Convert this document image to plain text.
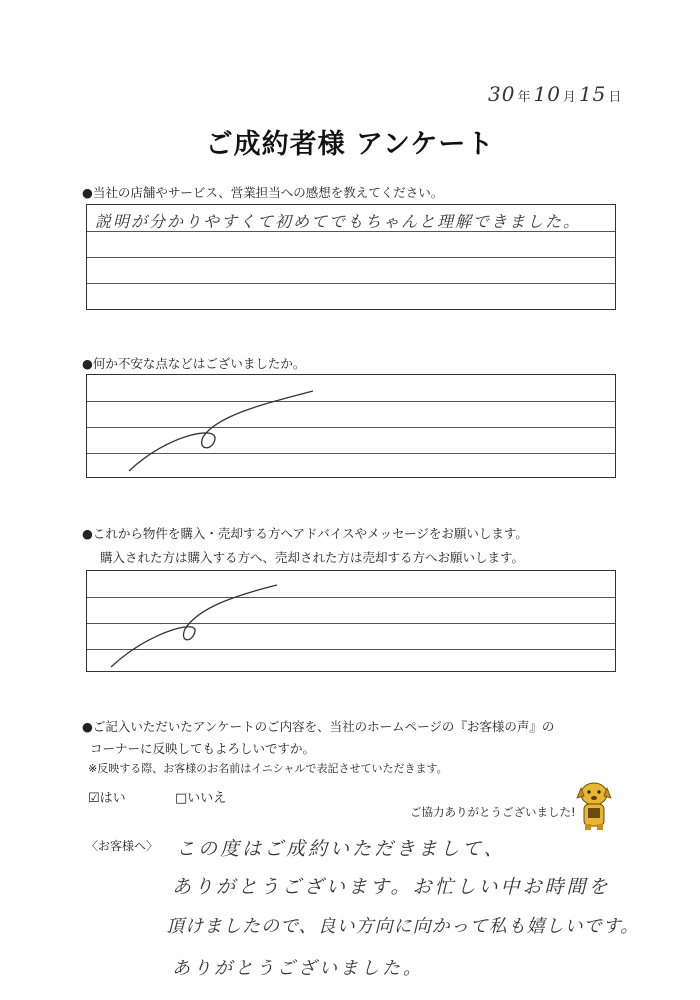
30 年 10 月 15 日
ご成約者様 アンケート
●当社の店舗やサービス、営業担当への感想を教えてください。
説明が分かりやすくて初めてでもちゃんと理解できました。
●何か不安な点などはございましたか。
●これから物件を購入・売却する方へアドバイスやメッセージをお願いします。
購入された方は購入する方へ、売却された方は売却する方へお願いします。
●ご記入いただいたアンケートのご内容を、当社のホームページの『お客様の声』の
コーナーに反映してもよろしいですか。
※反映する際、お客様のお名前はイニシャルで表記させていただきます。
☑はい	□いいえ
ご協力ありがとうございました!
〈お客様へ〉 この度はご成約いただきまして、
ありがとうございます。お忙しい中お時間を
頂けましたので、良い方向に向かって私も嬉しいです。
ありがとうございました。
